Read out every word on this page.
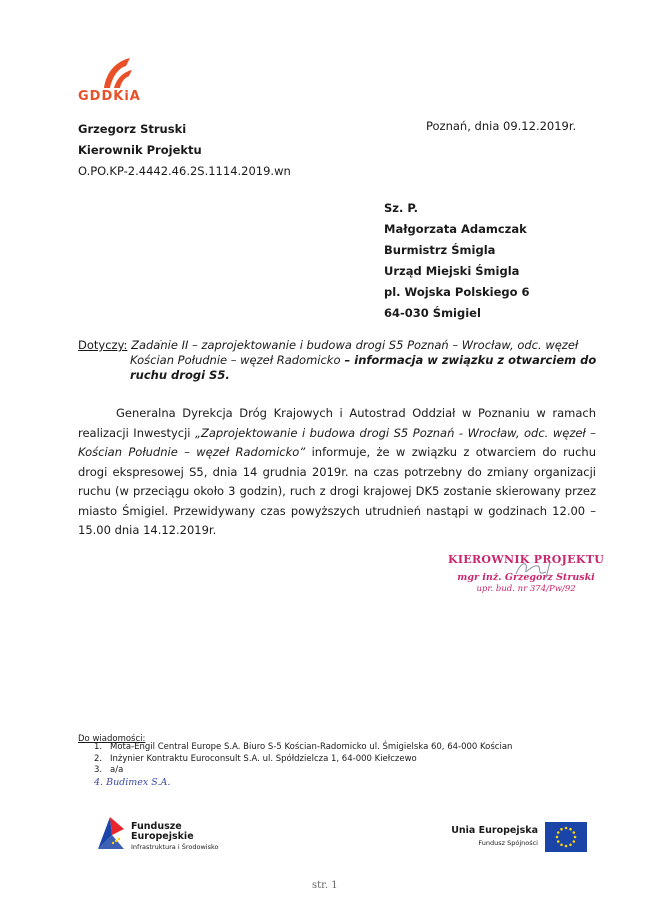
GDDKiA
Grzegorz Struski
Kierownik Projektu
O.PO.KP-2.4442.46.2S.1114.2019.wn
Poznań, dnia 09.12.2019r.
Sz. P.
Małgorzata Adamczak
Burmistrz Śmigla
Urząd Miejski Śmigla
pl. Wojska Polskiego 6
64-030 Śmigiel
Dotyczy: Zadanie II – zaprojektowanie i budowa drogi S5 Poznań – Wrocław, odc. węzeł
Kościan Południe – węzeł Radomicko – informacja w związku z otwarciem do
ruchu drogi S5.
Generalna Dyrekcja Dróg Krajowych i Autostrad Oddział w Poznaniu w ramach realizacji Inwestycji „Zaprojektowanie i budowa drogi S5 Poznań - Wrocław, odc. węzeł – Kościan Południe – węzeł Radomicko” informuje, że w związku z otwarciem do ruchu drogi ekspresowej S5, dnia 14 grudnia 2019r. na czas potrzebny do zmiany organizacji ruchu (w przeciągu około 3 godzin), ruch z drogi krajowej DK5 zostanie skierowany przez miasto Śmigiel. Przewidywany czas powyższych utrudnień nastąpi w godzinach 12.00 – 15.00 dnia 14.12.2019r.
KIEROWNIK PROJEKTU
mgr inż. Grzegorz Struski
upr. bud. nr 374/Pw/92
Do wiadomości:
1. Mota-Engil Central Europe S.A. Biuro S-5 Kościan-Radomicko ul. Śmigielska 60, 64-000 Kościan
2. Inżynier Kontraktu Euroconsult S.A. ul. Spółdzielcza 1, 64-000 Kiełczewo
3. a/a
4. Budimex S.A.
Fundusze
Europejskie
Infrastruktura i Środowisko
Unia Europejska
Fundusz Spójności
str. 1
